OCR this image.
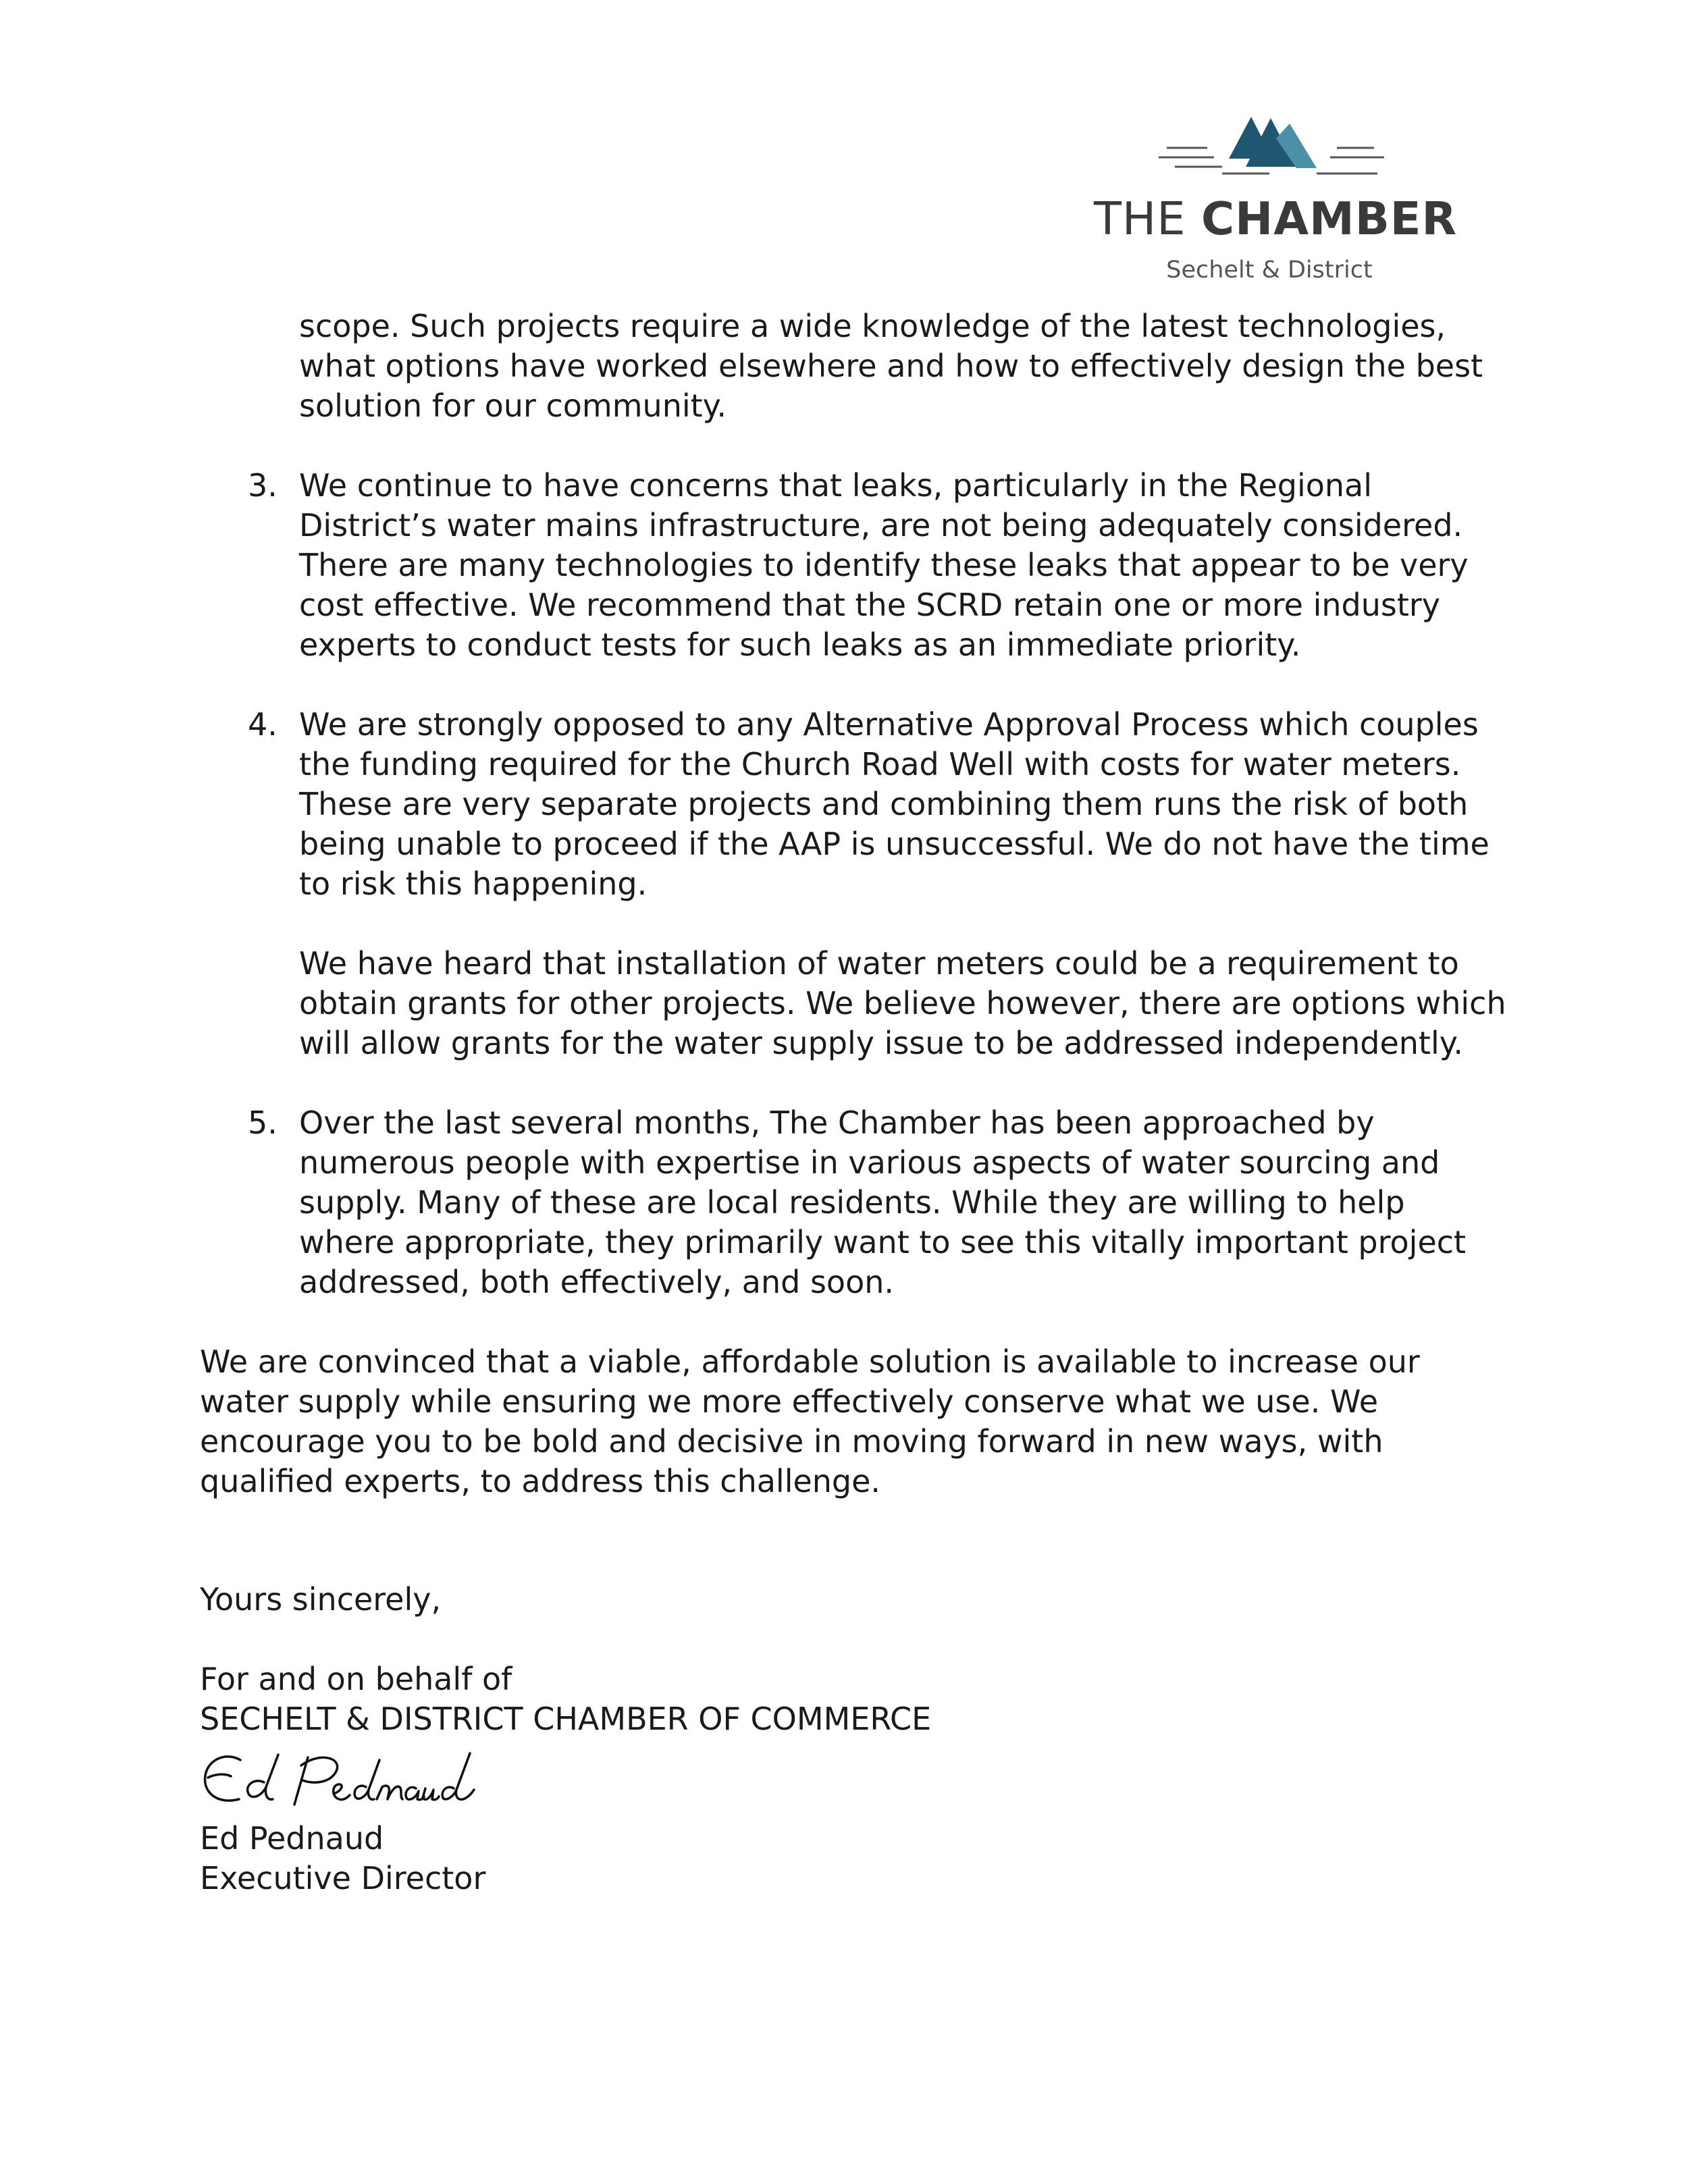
THE CHAMBER
Sechelt & District
scope. Such projects require a wide knowledge of the latest technologies,
what options have worked elsewhere and how to effectively design the best
solution for our community.
3. We continue to have concerns that leaks, particularly in the Regional
District’s water mains infrastructure, are not being adequately considered.
There are many technologies to identify these leaks that appear to be very
cost effective. We recommend that the SCRD retain one or more industry
experts to conduct tests for such leaks as an immediate priority.
4. We are strongly opposed to any Alternative Approval Process which couples
the funding required for the Church Road Well with costs for water meters.
These are very separate projects and combining them runs the risk of both
being unable to proceed if the AAP is unsuccessful. We do not have the time
to risk this happening.
We have heard that installation of water meters could be a requirement to
obtain grants for other projects. We believe however, there are options which
will allow grants for the water supply issue to be addressed independently.
5. Over the last several months, The Chamber has been approached by
numerous people with expertise in various aspects of water sourcing and
supply. Many of these are local residents. While they are willing to help
where appropriate, they primarily want to see this vitally important project
addressed, both effectively, and soon.
We are convinced that a viable, affordable solution is available to increase our
water supply while ensuring we more effectively conserve what we use. We
encourage you to be bold and decisive in moving forward in new ways, with
qualified experts, to address this challenge.
Yours sincerely,
For and on behalf of
SECHELT & DISTRICT CHAMBER OF COMMERCE
Ed Pednaud
Executive Director
